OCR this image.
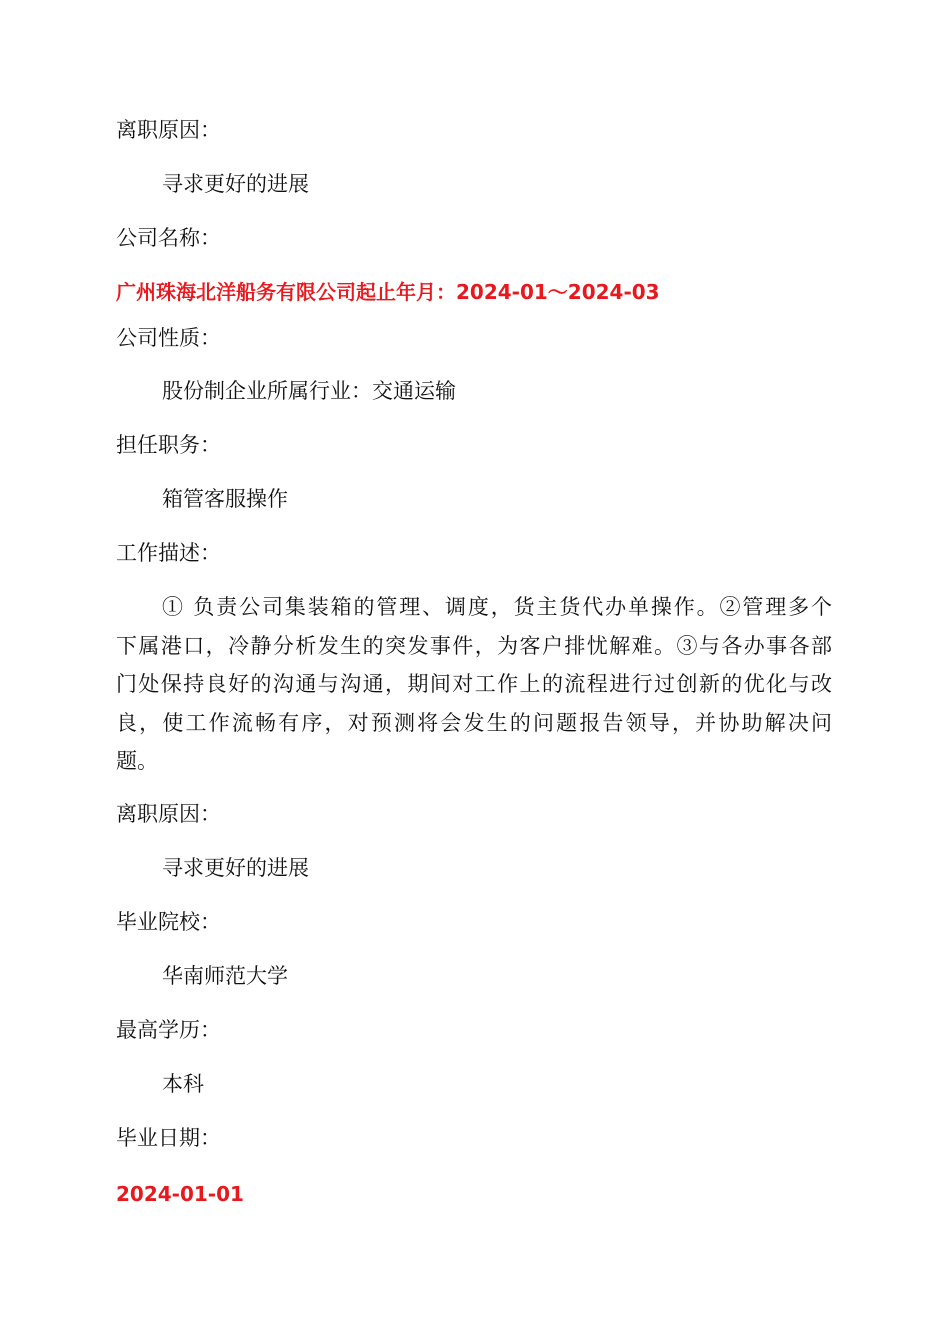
离职原因：
寻求更好的进展
公司名称：
广州珠海北洋船务有限公司起止年月：2024-01～2024-03
公司性质：
股份制企业所属行业：交通运输
担任职务：
箱管客服操作
工作描述：
① 负责公司集装箱的管理、调度，货主货代办单操作。②管理多个
下属港口，冷静分析发生的突发事件，为客户排忧解难。③与各办事各部
门处保持良好的沟通与沟通，期间对工作上的流程进行过创新的优化与改
良，使工作流畅有序，对预测将会发生的问题报告领导，并协助解决问
题。
离职原因：
寻求更好的进展
毕业院校：
华南师范大学
最高学历：
本科
毕业日期：
2024-01-01
